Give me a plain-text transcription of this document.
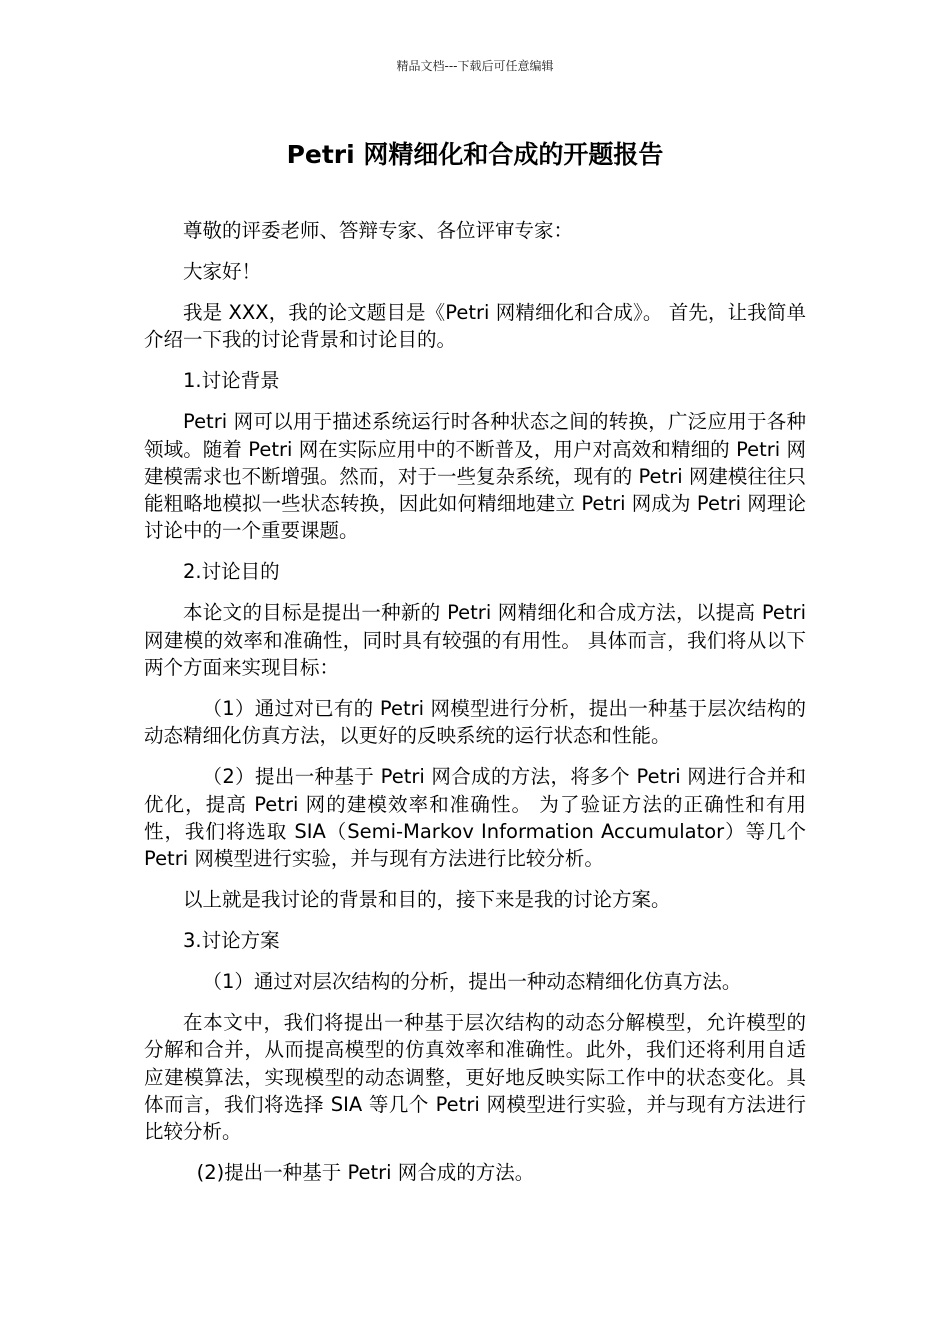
精品文档---下载后可任意编辑
Petri 网精细化和合成的开题报告

尊敬的评委老师、答辩专家、各位评审专家：

大家好！

我是 XXX，我的论文题目是《Petri 网精细化和合成》。 首先，让我简单介绍一下我的讨论背景和讨论目的。

1.讨论背景

Petri 网可以用于描述系统运行时各种状态之间的转换，广泛应用于各种领域。随着 Petri 网在实际应用中的不断普及，用户对高效和精细的 Petri 网建模需求也不断增强。然而，对于一些复杂系统，现有的 Petri 网建模往往只能粗略地模拟一些状态转换，因此如何精细地建立 Petri 网成为 Petri 网理论讨论中的一个重要课题。

2.讨论目的

本论文的目标是提出一种新的 Petri 网精细化和合成方法，以提高 Petri 网建模的效率和准确性，同时具有较强的有用性。 具体而言，我们将从以下两个方面来实现目标：

（1）通过对已有的 Petri 网模型进行分析，提出一种基于层次结构的动态精细化仿真方法，以更好的反映系统的运行状态和性能。

（2）提出一种基于 Petri 网合成的方法，将多个 Petri 网进行合并和优化，提高 Petri 网的建模效率和准确性。 为了验证方法的正确性和有用性，我们将选取 SIA（Semi-Markov Information Accumulator）等几个 Petri 网模型进行实验，并与现有方法进行比较分析。

以上就是我讨论的背景和目的，接下来是我的讨论方案。

3.讨论方案

（1）通过对层次结构的分析，提出一种动态精细化仿真方法。

在本文中，我们将提出一种基于层次结构的动态分解模型，允许模型的分解和合并，从而提高模型的仿真效率和准确性。此外，我们还将利用自适应建模算法，实现模型的动态调整，更好地反映实际工作中的状态变化。具体而言，我们将选择 SIA 等几个 Petri 网模型进行实验，并与现有方法进行比较分析。

(2)提出一种基于 Petri 网合成的方法。
